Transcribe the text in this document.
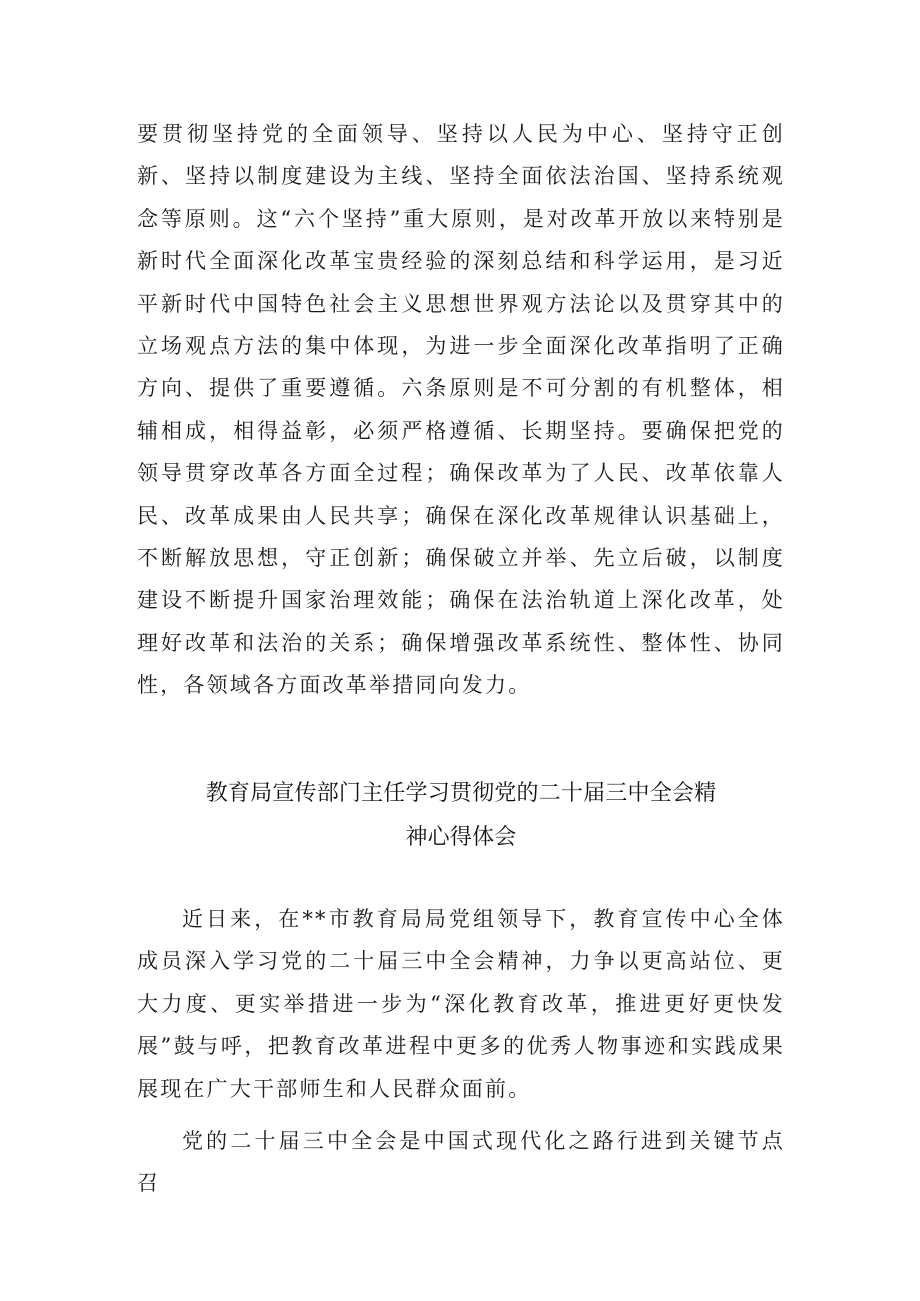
要贯彻坚持党的全面领导、坚持以人民为中心、坚持守正创新、坚持以制度建设为主线、坚持全面依法治国、坚持系统观念等原则。这“六个坚持”重大原则，是对改革开放以来特别是新时代全面深化改革宝贵经验的深刻总结和科学运用，是习近平新时代中国特色社会主义思想世界观方法论以及贯穿其中的立场观点方法的集中体现，为进一步全面深化改革指明了正确方向、提供了重要遵循。六条原则是不可分割的有机整体，相辅相成，相得益彰，必须严格遵循、长期坚持。要确保把党的领导贯穿改革各方面全过程；确保改革为了人民、改革依靠人民、改革成果由人民共享；确保在深化改革规律认识基础上，不断解放思想，守正创新；确保破立并举、先立后破，以制度建设不断提升国家治理效能；确保在法治轨道上深化改革，处理好改革和法治的关系；确保增强改革系统性、整体性、协同性，各领域各方面改革举措同向发力。

教育局宣传部门主任学习贯彻党的二十届三中全会精
神心得体会

近日来，在**市教育局局党组领导下，教育宣传中心全体成员深入学习党的二十届三中全会精神，力争以更高站位、更大力度、更实举措进一步为“深化教育改革，推进更好更快发展”鼓与呼，把教育改革进程中更多的优秀人物事迹和实践成果展现在广大干部师生和人民群众面前。

党的二十届三中全会是中国式现代化之路行进到关键节点召
